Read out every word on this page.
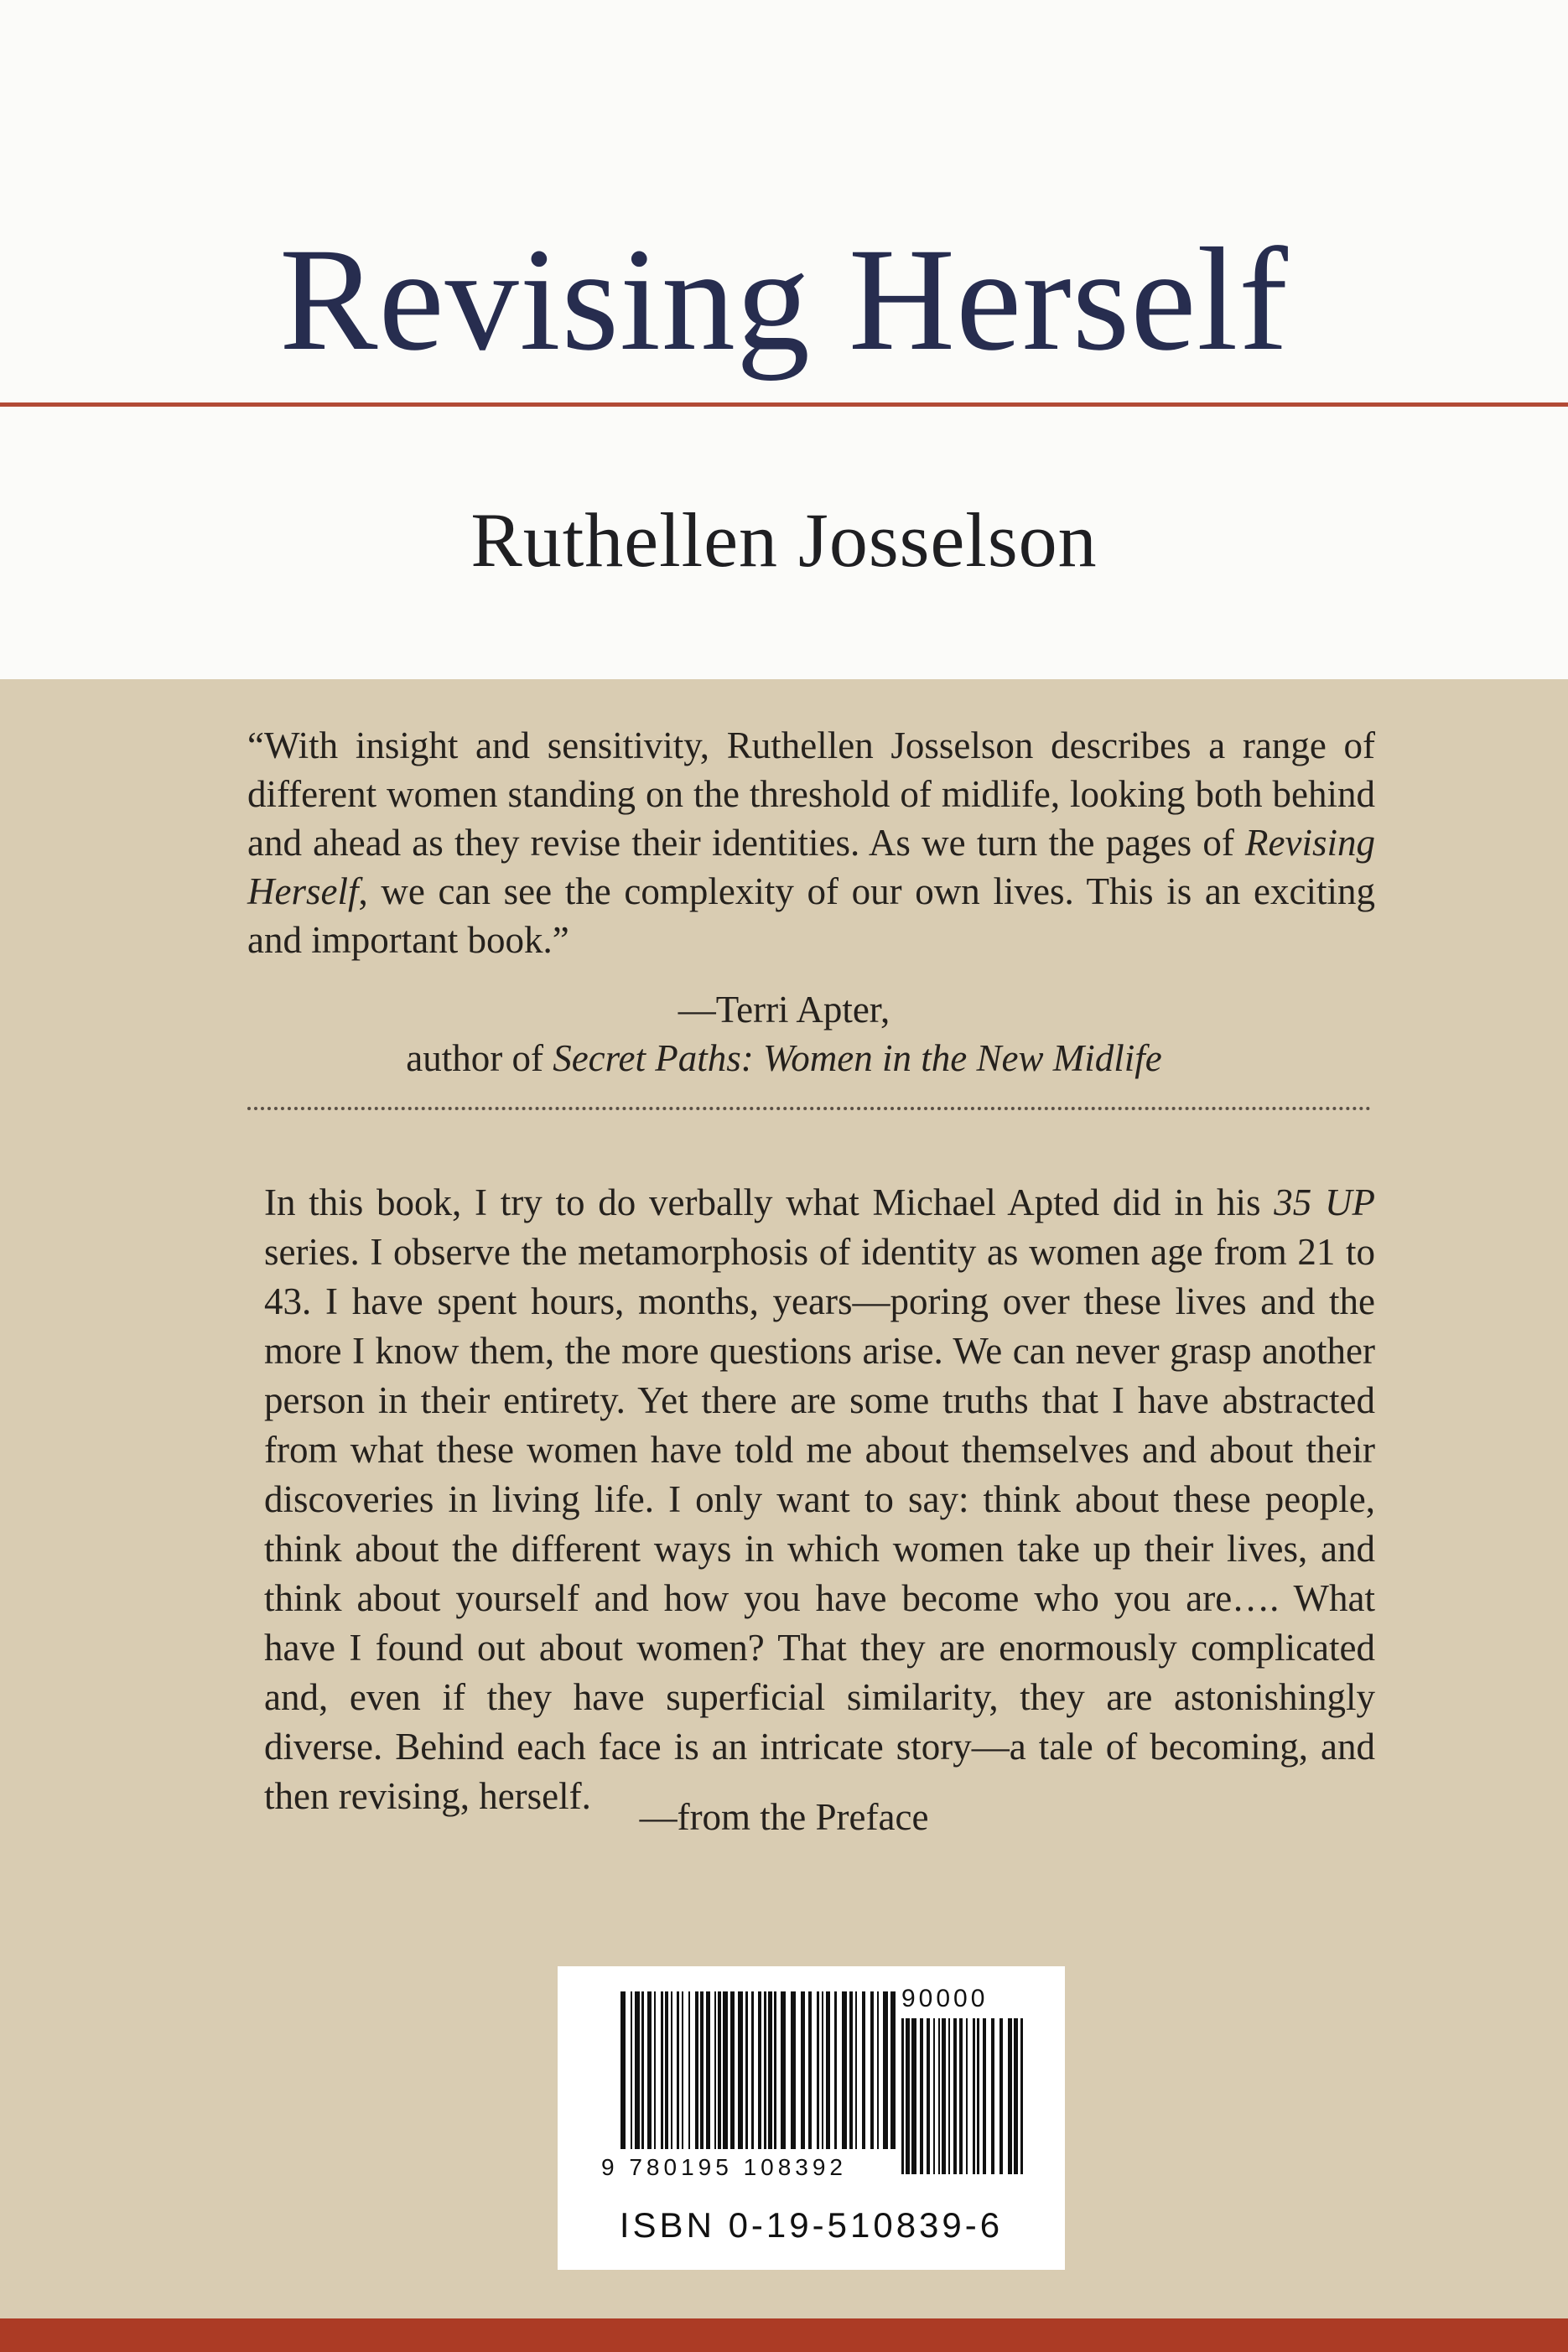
Revising Herself
Ruthellen Josselson

“With insight and sensitivity, Ruthellen Josselson describes a range of different women standing on the threshold of midlife, looking both behind and ahead as they revise their identities. As we turn the pages of Revising Herself, we can see the complexity of our own lives. This is an exciting and important book.”

—Terri Apter,
author of Secret Paths: Women in the New Midlife

In this book, I try to do verbally what Michael Apted did in his 35 UP series. I observe the metamorphosis of identity as women age from 21 to 43. I have spent hours, months, years—poring over these lives and the more I know them, the more questions arise. We can never grasp another person in their entirety. Yet there are some truths that I have abstracted from what these women have told me about themselves and about their discoveries in living life. I only want to say: think about these people, think about the different ways in which women take up their lives, and think about yourself and how you have become who you are…. What have I found out about women? That they are enormously complicated and, even if they have superficial similarity, they are astonishingly diverse. Behind each face is an intricate story—a tale of becoming, and then revising, herself.	—from the Preface
9 780195 108392
90000
ISBN 0-19-510839-6
